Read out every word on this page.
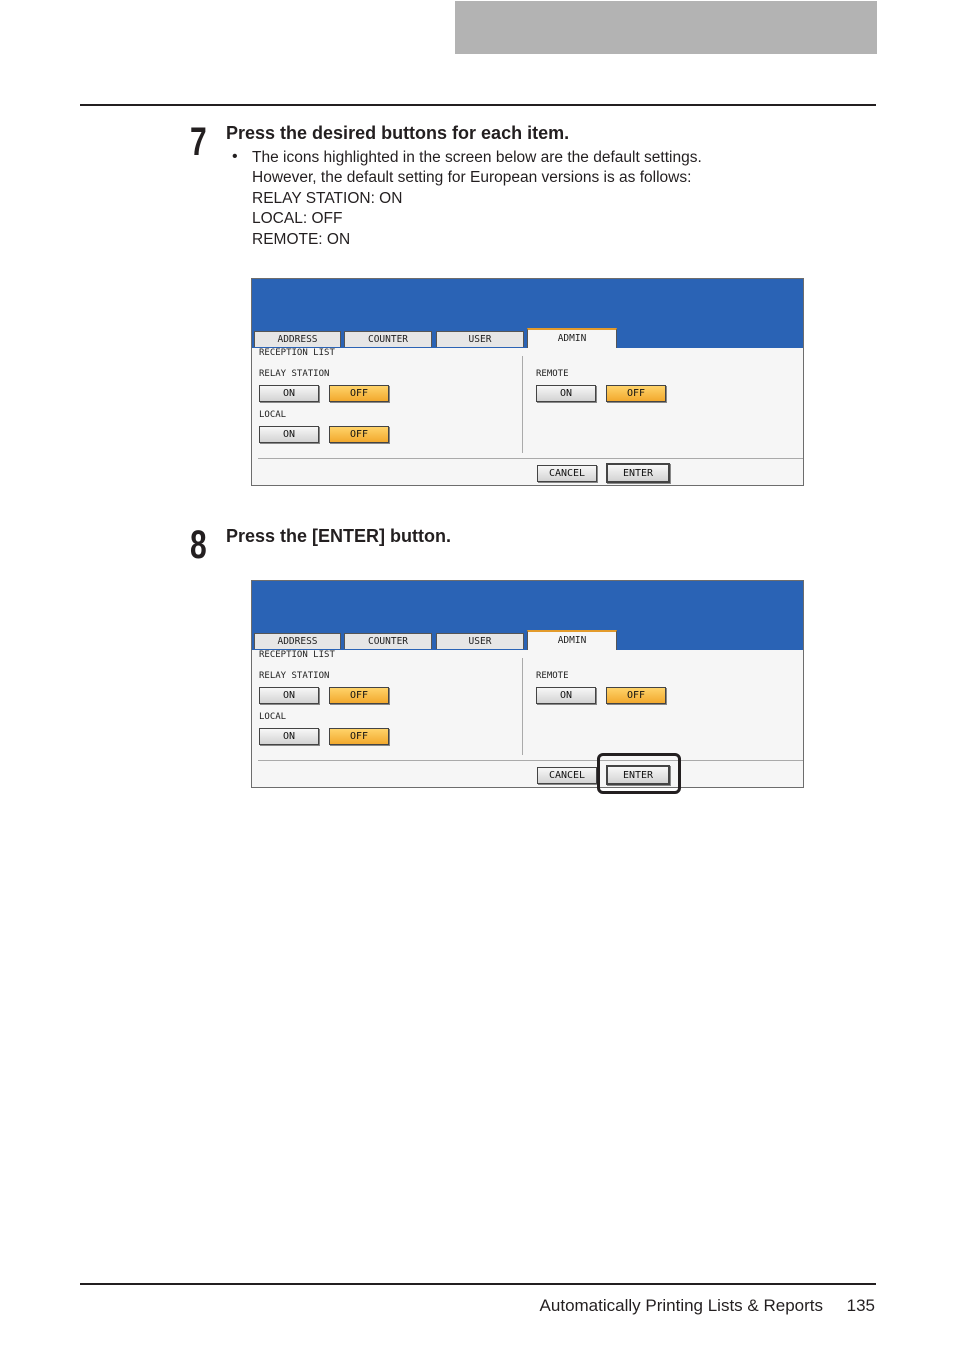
7 Press the desired buttons for each item.
• The icons highlighted in the screen below are the default settings.
However, the default setting for European versions is as follows:
RELAY STATION: ON
LOCAL: OFF
REMOTE: ON
ADDRESS	COUNTER	USER	ADMIN
RECEPTION LIST
RELAY STATION
ON	OFF
LOCAL
ON	OFF
REMOTE
ON	OFF
CANCEL	ENTER
8 Press the [ENTER] button.
ADDRESS	COUNTER	USER	ADMIN
RECEPTION LIST
RELAY STATION
ON	OFF
LOCAL
ON	OFF
REMOTE
ON	OFF
CANCEL	ENTER
Automatically Printing Lists & Reports 135
